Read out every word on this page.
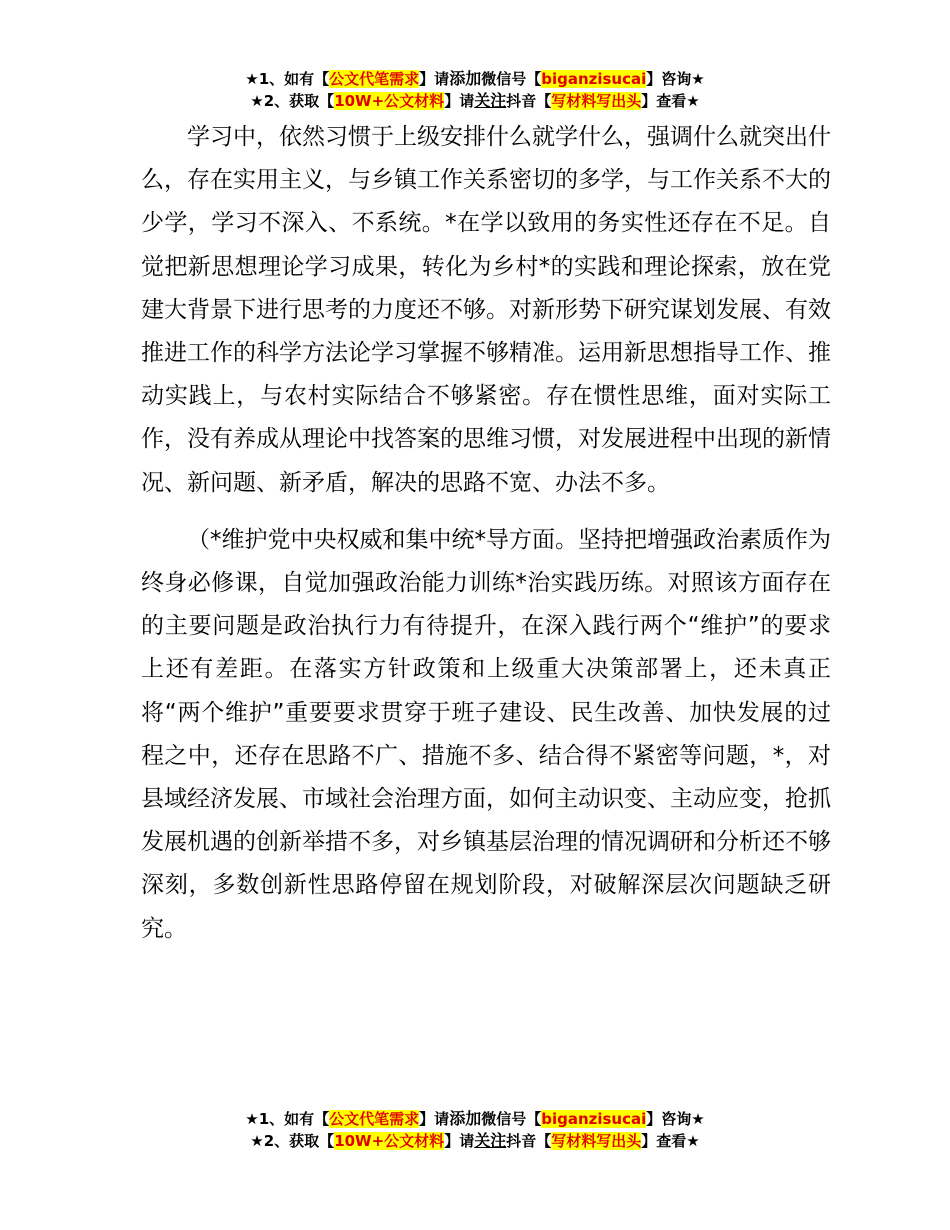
★1、如有【公文代笔需求】请添加微信号【biganzisucai】咨询★
★2、获取【10W+公文材料】请关注抖音【写材料写出头】查看★

学习中，依然习惯于上级安排什么就学什么，强调什么就突出什么，存在实用主义，与乡镇工作关系密切的多学，与工作关系不大的少学，学习不深入、不系统。*在学以致用的务实性还存在不足。自觉把新思想理论学习成果，转化为乡村*的实践和理论探索，放在党建大背景下进行思考的力度还不够。对新形势下研究谋划发展、有效推进工作的科学方法论学习掌握不够精准。运用新思想指导工作、推动实践上，与农村实际结合不够紧密。存在惯性思维，面对实际工作，没有养成从理论中找答案的思维习惯，对发展进程中出现的新情况、新问题、新矛盾，解决的思路不宽、办法不多。

（*维护党中央权威和集中统*导方面。坚持把增强政治素质作为终身必修课，自觉加强政治能力训练*治实践历练。对照该方面存在的主要问题是政治执行力有待提升，在深入践行两个“维护”的要求上还有差距。在落实方针政策和上级重大决策部署上，还未真正将“两个维护”重要要求贯穿于班子建设、民生改善、加快发展的过程之中，还存在思路不广、措施不多、结合得不紧密等问题，*，对县域经济发展、市域社会治理方面，如何主动识变、主动应变，抢抓发展机遇的创新举措不多，对乡镇基层治理的情况调研和分析还不够深刻，多数创新性思路停留在规划阶段，对破解深层次问题缺乏研究。

★1、如有【公文代笔需求】请添加微信号【biganzisucai】咨询★
★2、获取【10W+公文材料】请关注抖音【写材料写出头】查看★
